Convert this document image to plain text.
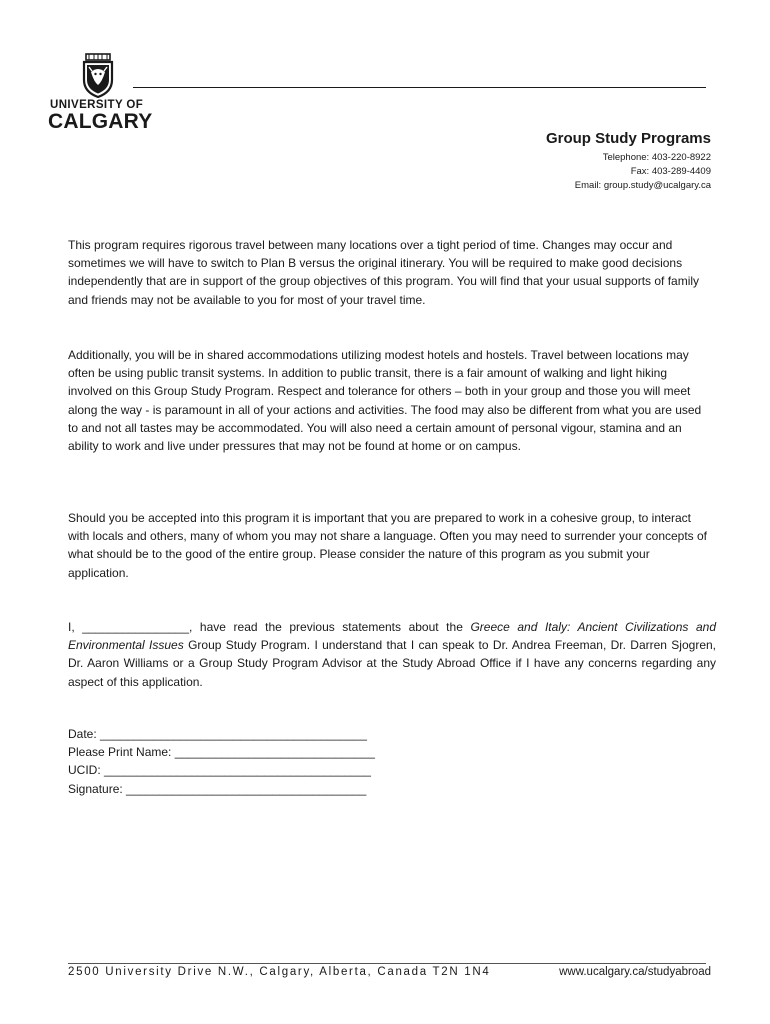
UNIVERSITY OF
CALGARY
Group Study Programs
Telephone: 403-220-8922
Fax: 403-289-4409
Email: group.study@ucalgary.ca

This program requires rigorous travel between many locations over a tight period of time. Changes may occur and sometimes we will have to switch to Plan B versus the original itinerary. You will be required to make good decisions independently that are in support of the group objectives of this program. You will find that your usual supports of family and friends may not be available to you for most of your travel time.

Additionally, you will be in shared accommodations utilizing modest hotels and hostels. Travel between locations may often be using public transit systems. In addition to public transit, there is a fair amount of walking and light hiking involved on this Group Study Program. Respect and tolerance for others – both in your group and those you will meet along the way - is paramount in all of your actions and activities. The food may also be different from what you are used to and not all tastes may be accommodated. You will also need a certain amount of personal vigour, stamina and an ability to work and live under pressures that may not be found at home or on campus.

Should you be accepted into this program it is important that you are prepared to work in a cohesive group, to interact with locals and others, many of whom you may not share a language. Often you may need to surrender your concepts of what should be to the good of the entire group. Please consider the nature of this program as you submit your application.

I, ________________, have read the previous statements about the Greece and Italy: Ancient Civilizations and Environmental Issues Group Study Program. I understand that I can speak to Dr. Andrea Freeman, Dr. Darren Sjogren, Dr. Aaron Williams or a Group Study Program Advisor at the Study Abroad Office if I have any concerns regarding any aspect of this application.

Date: ________________________________________
Please Print Name: ______________________________
UCID: ________________________________________
Signature: ____________________________________
2500 University Drive N.W., Calgary, Alberta, Canada T2N 1N4	www.ucalgary.ca/studyabroad
